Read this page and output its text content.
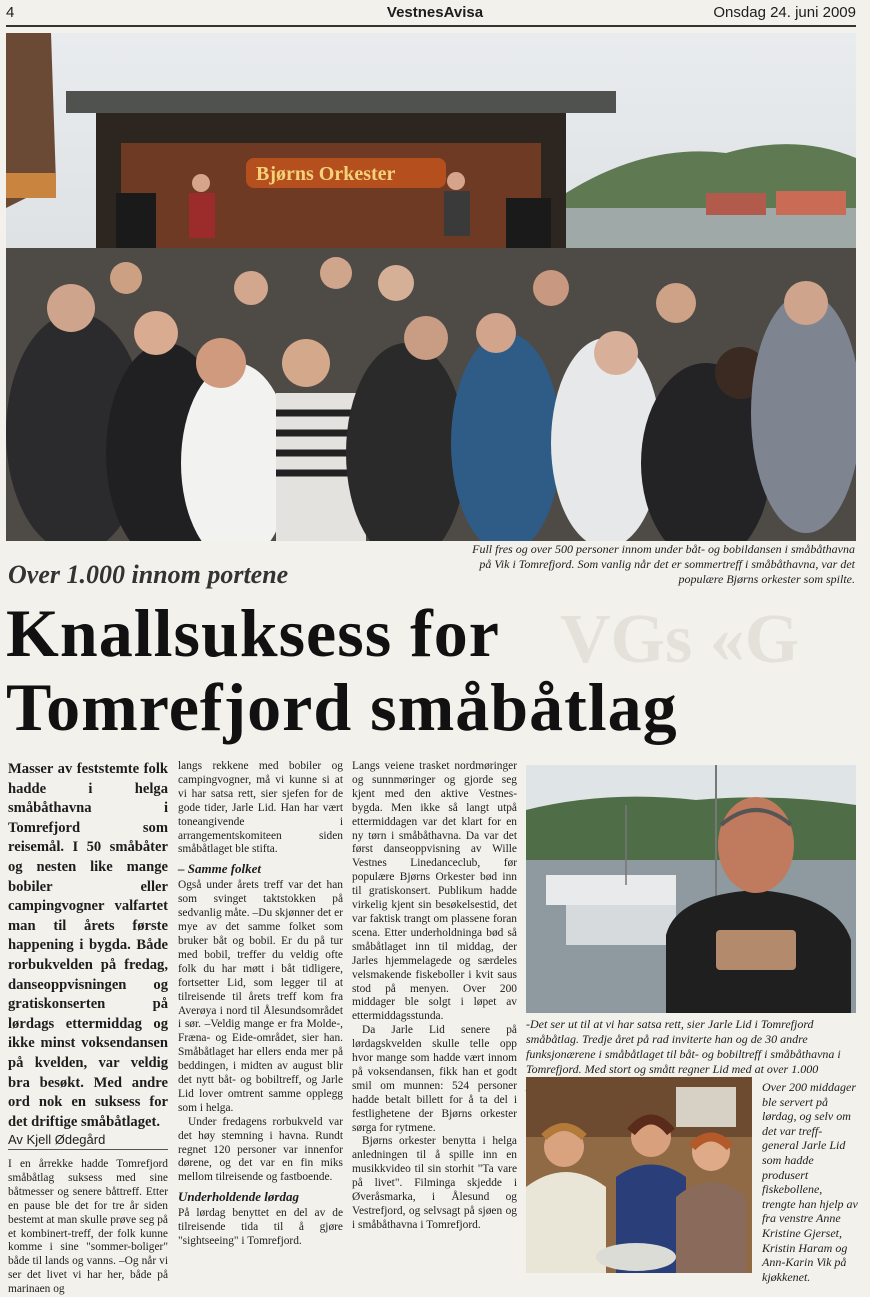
4	VestnesAvisa	Onsdag 24. juni 2009
Bjørns Orkester
Full fres og over 500 personer innom under båt- og bobildansen i småbåthavna på Vik i Tomrefjord. Som vanlig når det er sommertreff i småbåthavna, var det populære Bjørns orkester som spilte.
VGs «G
Over 1.000 innom portene
Knallsuksess for
Tomrefjord småbåtlag
Masser av feststemte folk hadde i helga småbåthavna i Tomrefjord som reisemål. I 50 småbåter og nesten like mange bobiler eller campingvogner valfartet man til årets første happening i bygda. Både rorbukvelden på fredag, danseoppvisningen og gratiskonserten på lørdags ettermiddag og ikke minst voksendansen på kvelden, var veldig bra besøkt. Med andre ord nok en suksess for det driftige småbåtlaget.
Av Kjell Ødegård

I en årrekke hadde Tomrefjord småbåtlag suksess med sine båtmesser og senere båttreff. Etter en pause ble det for tre år siden bestemt at man skulle prøve seg på et kombinert-treff, der folk kunne komme i sine "sommer-boliger" både til lands og vanns. –Og når vi ser det livet vi har her, både på marinaen og

langs rekkene med bobiler og campingvogner, må vi kunne si at vi har satsa rett, sier sjefen for de gode tider, Jarle Lid. Han har vært toneangivende i arrangementskomiteen siden småbåtlaget ble stifta.

– Samme folket

Også under årets treff var det han som svinget taktstokken på sedvanlig måte. –Du skjønner det er mye av det samme folket som bruker båt og bobil. Er du på tur med bobil, treffer du veldig ofte folk du har møtt i båt tidligere, fortsetter Lid, som legger til at tilreisende til årets treff kom fra Averøya i nord til Ålesundsområdet i sør. –Veldig mange er fra Molde-, Fræna- og Eide-området, sier han. Småbåtlaget har ellers enda mer på beddingen, i midten av august blir det nytt båt- og bobiltreff, og Jarle Lid lover omtrent samme opplegg som i helga.

Under fredagens rorbukveld var det høy stemning i havna. Rundt regnet 120 personer var innenfor dørene, og det var en fin miks mellom tilreisende og fastboende.

Underholdende lørdag

På lørdag benyttet en del av de tilreisende tida til å gjøre "sightseeing" i Tomrefjord.

Langs veiene trasket nordmøringer og sunnmøringer og gjorde seg kjent med den aktive Vestnes-bygda. Men ikke så langt utpå ettermiddagen var det klart for en ny tørn i småbåthavna. Da var det først danseoppvisning av Wille Vestnes Linedanceclub, før populære Bjørns Orkester bød inn til gratiskonsert. Publikum hadde virkelig kjent sin besøkelsestid, det var faktisk trangt om plassene foran scena. Etter underholdninga bød så småbåtlaget inn til middag, der Jarles hjemmelagede og særdeles velsmakende fiskeboller i kvit saus stod på menyen. Over 200 middager ble solgt i løpet av ettermiddagsstunda.

Da Jarle Lid senere på lørdagskvelden skulle telle opp hvor mange som hadde vært innom på voksendansen, fikk han et godt smil om munnen: 524 personer hadde betalt billett for å ta del i festlighetene der Bjørns orkester sørga for rytmene.

Bjørns orkester benytta i helga anledningen til å spille inn en musikkvideo til sin storhit "Ta vare på livet". Filminga skjedde i Øveråsmarka, i Ålesund og Vestrefjord, og selvsagt på sjøen og i småbåthavna i Tomrefjord.

-Det ser ut til at vi har satsa rett, sier Jarle Lid i Tomrefjord småbåtlag. Tredje året på rad inviterte han og de 30 andre funksjonærene i småbåtlaget til båt- og bobiltreff i småbåthavna i Tomrefjord. Med stort og smått regner Lid med at over 1.000
Over 200 middager ble servert på lørdag, og selv om det var treff-general Jarle Lid som hadde produsert fiskebollene, trengte han hjelp av fra venstre Anne Kristine Gjerset, Kristin Haram og Ann-Karin Vik på kjøkkenet.
